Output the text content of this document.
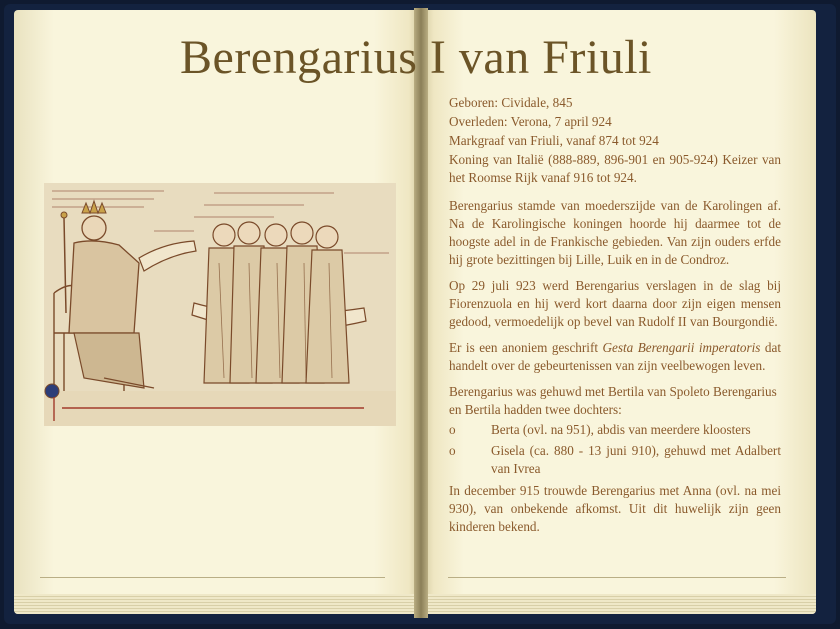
Berengarius I van Friuli
Geboren: Cividale, 845
Overleden: Verona, 7 april 924
Markgraaf van Friuli, vanaf 874 tot 924
Koning van Italië (888-889, 896-901 en 905-924) Keizer van het Roomse Rijk vanaf 916 tot 924.

Berengarius stamde van moederszijde van de Karolingen af. Na de Karolingische koningen hoorde hij daarmee tot de hoogste adel in de Frankische gebieden. Van zijn ouders erfde hij grote bezittingen bij Lille, Luik en in de Condroz.

Op 29 juli 923 werd Berengarius verslagen in de slag bij Fiorenzuola en hij werd kort daarna door zijn eigen mensen gedood, vermoedelijk op bevel van Rudolf II van Bourgondië.

Er is een anoniem geschrift Gesta Berengarii imperatoris dat handelt over de gebeurtenissen van zijn veelbewogen leven.

Berengarius was gehuwd met Bertila van Spoleto Berengarius en Bertila hadden twee dochters:

o	Berta (ovl. na 951), abdis van meerdere kloosters
o	Gisela (ca. 880 - 13 juni 910), gehuwd met Adalbert van Ivrea

In december 915 trouwde Berengarius met Anna (ovl. na mei 930), van onbekende afkomst. Uit dit huwelijk zijn geen kinderen bekend.
